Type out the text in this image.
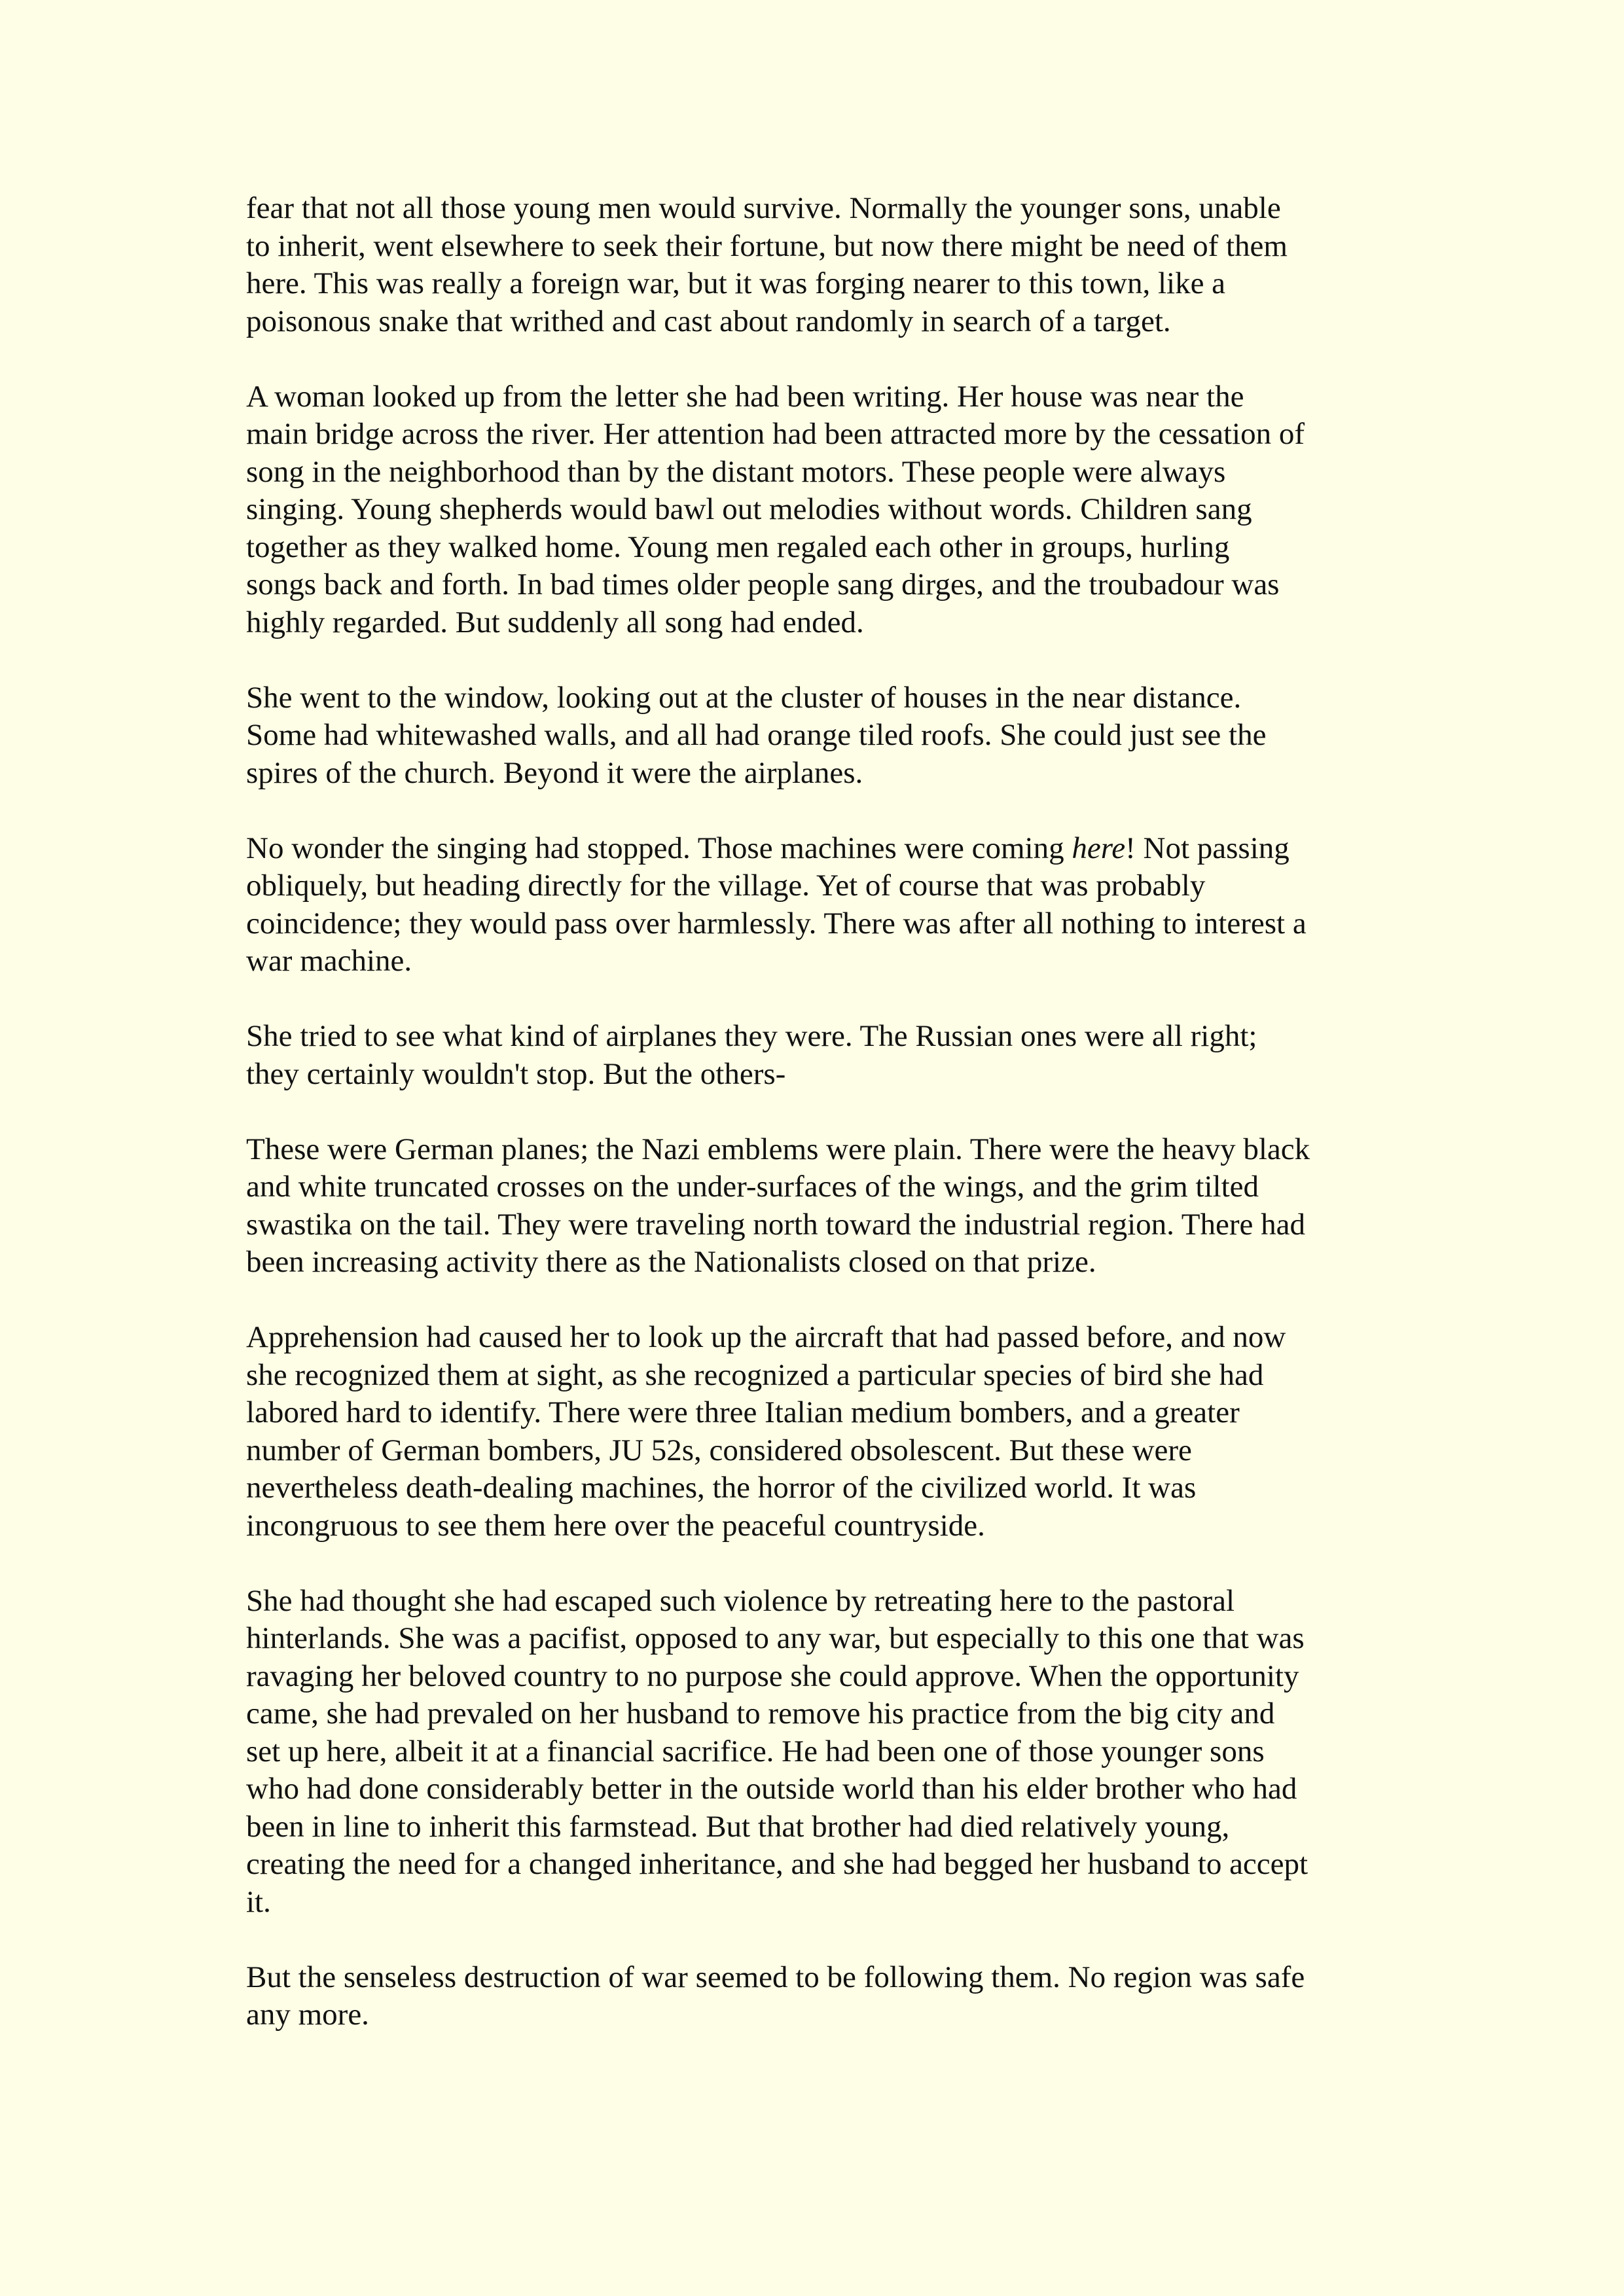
fear that not all those young men would survive. Normally the younger sons, unable
to inherit, went elsewhere to seek their fortune, but now there might be need of them
here. This was really a foreign war, but it was forging nearer to this town, like a
poisonous snake that writhed and cast about randomly in search of a target.

A woman looked up from the letter she had been writing. Her house was near the
main bridge across the river. Her attention had been attracted more by the cessation of
song in the neighborhood than by the distant motors. These people were always
singing. Young shepherds would bawl out melodies without words. Children sang
together as they walked home. Young men regaled each other in groups, hurling
songs back and forth. In bad times older people sang dirges, and the troubadour was
highly regarded. But suddenly all song had ended.

She went to the window, looking out at the cluster of houses in the near distance.
Some had whitewashed walls, and all had orange tiled roofs. She could just see the
spires of the church. Beyond it were the airplanes.

No wonder the singing had stopped. Those machines were coming here! Not passing
obliquely, but heading directly for the village. Yet of course that was probably
coincidence; they would pass over harmlessly. There was after all nothing to interest a
war machine.

She tried to see what kind of airplanes they were. The Russian ones were all right;
they certainly wouldn't stop. But the others-

These were German planes; the Nazi emblems were plain. There were the heavy black
and white truncated crosses on the under-surfaces of the wings, and the grim tilted
swastika on the tail. They were traveling north toward the industrial region. There had
been increasing activity there as the Nationalists closed on that prize.

Apprehension had caused her to look up the aircraft that had passed before, and now
she recognized them at sight, as she recognized a particular species of bird she had
labored hard to identify. There were three Italian medium bombers, and a greater
number of German bombers, JU 52s, considered obsolescent. But these were
nevertheless death-dealing machines, the horror of the civilized world. It was
incongruous to see them here over the peaceful countryside.

She had thought she had escaped such violence by retreating here to the pastoral
hinterlands. She was a pacifist, opposed to any war, but especially to this one that was
ravaging her beloved country to no purpose she could approve. When the opportunity
came, she had prevaled on her husband to remove his practice from the big city and
set up here, albeit it at a financial sacrifice. He had been one of those younger sons
who had done considerably better in the outside world than his elder brother who had
been in line to inherit this farmstead. But that brother had died relatively young,
creating the need for a changed inheritance, and she had begged her husband to accept
it.

But the senseless destruction of war seemed to be following them. No region was safe
any more.
